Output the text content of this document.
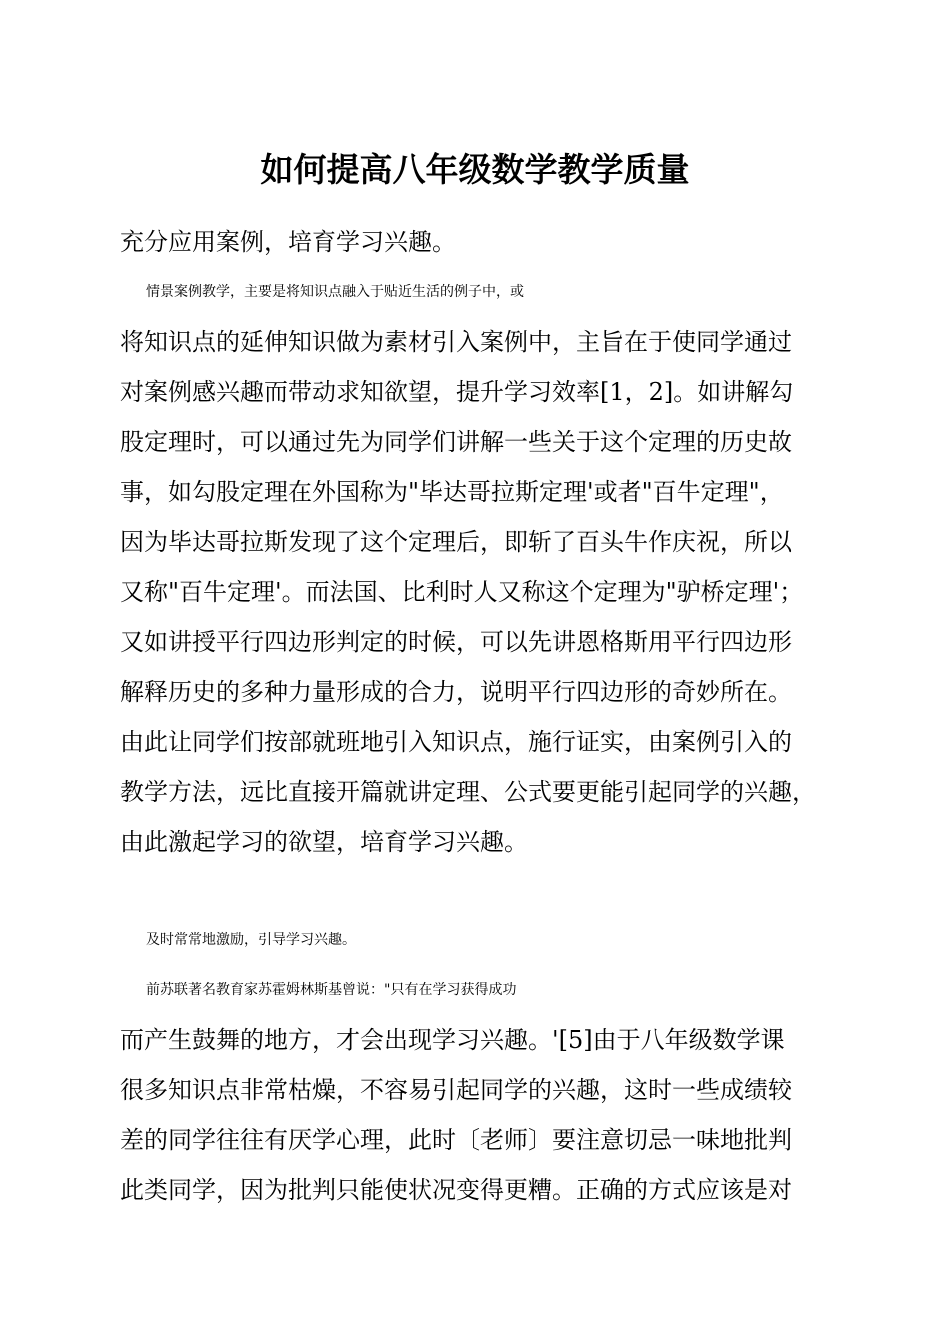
如何提高八年级数学教学质量

充分应用案例，培育学习兴趣。

情景案例教学，主要是将知识点融入于贴近生活的例子中，或

将知识点的延伸知识做为素材引入案例中，主旨在于使同学通过

对案例感兴趣而带动求知欲望，提升学习效率[1，2]。如讲解勾

股定理时，可以通过先为同学们讲解一些关于这个定理的历史故

事，如勾股定理在外国称为"毕达哥拉斯定理'或者"百牛定理"，

因为毕达哥拉斯发现了这个定理后，即斩了百头牛作庆祝，所以

又称"百牛定理'。而法国、比利时人又称这个定理为"驴桥定理'；

又如讲授平行四边形判定的时候，可以先讲恩格斯用平行四边形

解释历史的多种力量形成的合力，说明平行四边形的奇妙所在。

由此让同学们按部就班地引入知识点，施行证实，由案例引入的

教学方法，远比直接开篇就讲定理、公式要更能引起同学的兴趣，

由此激起学习的欲望，培育学习兴趣。

及时常常地激励，引导学习兴趣。

前苏联著名教育家苏霍姆林斯基曾说："只有在学习获得成功

而产生鼓舞的地方，才会出现学习兴趣。'[5]由于八年级数学课

很多知识点非常枯燥，不容易引起同学的兴趣，这时一些成绩较

差的同学往往有厌学心理，此时〔老师〕要注意切忌一味地批判

此类同学，因为批判只能使状况变得更糟。正确的方式应该是对
